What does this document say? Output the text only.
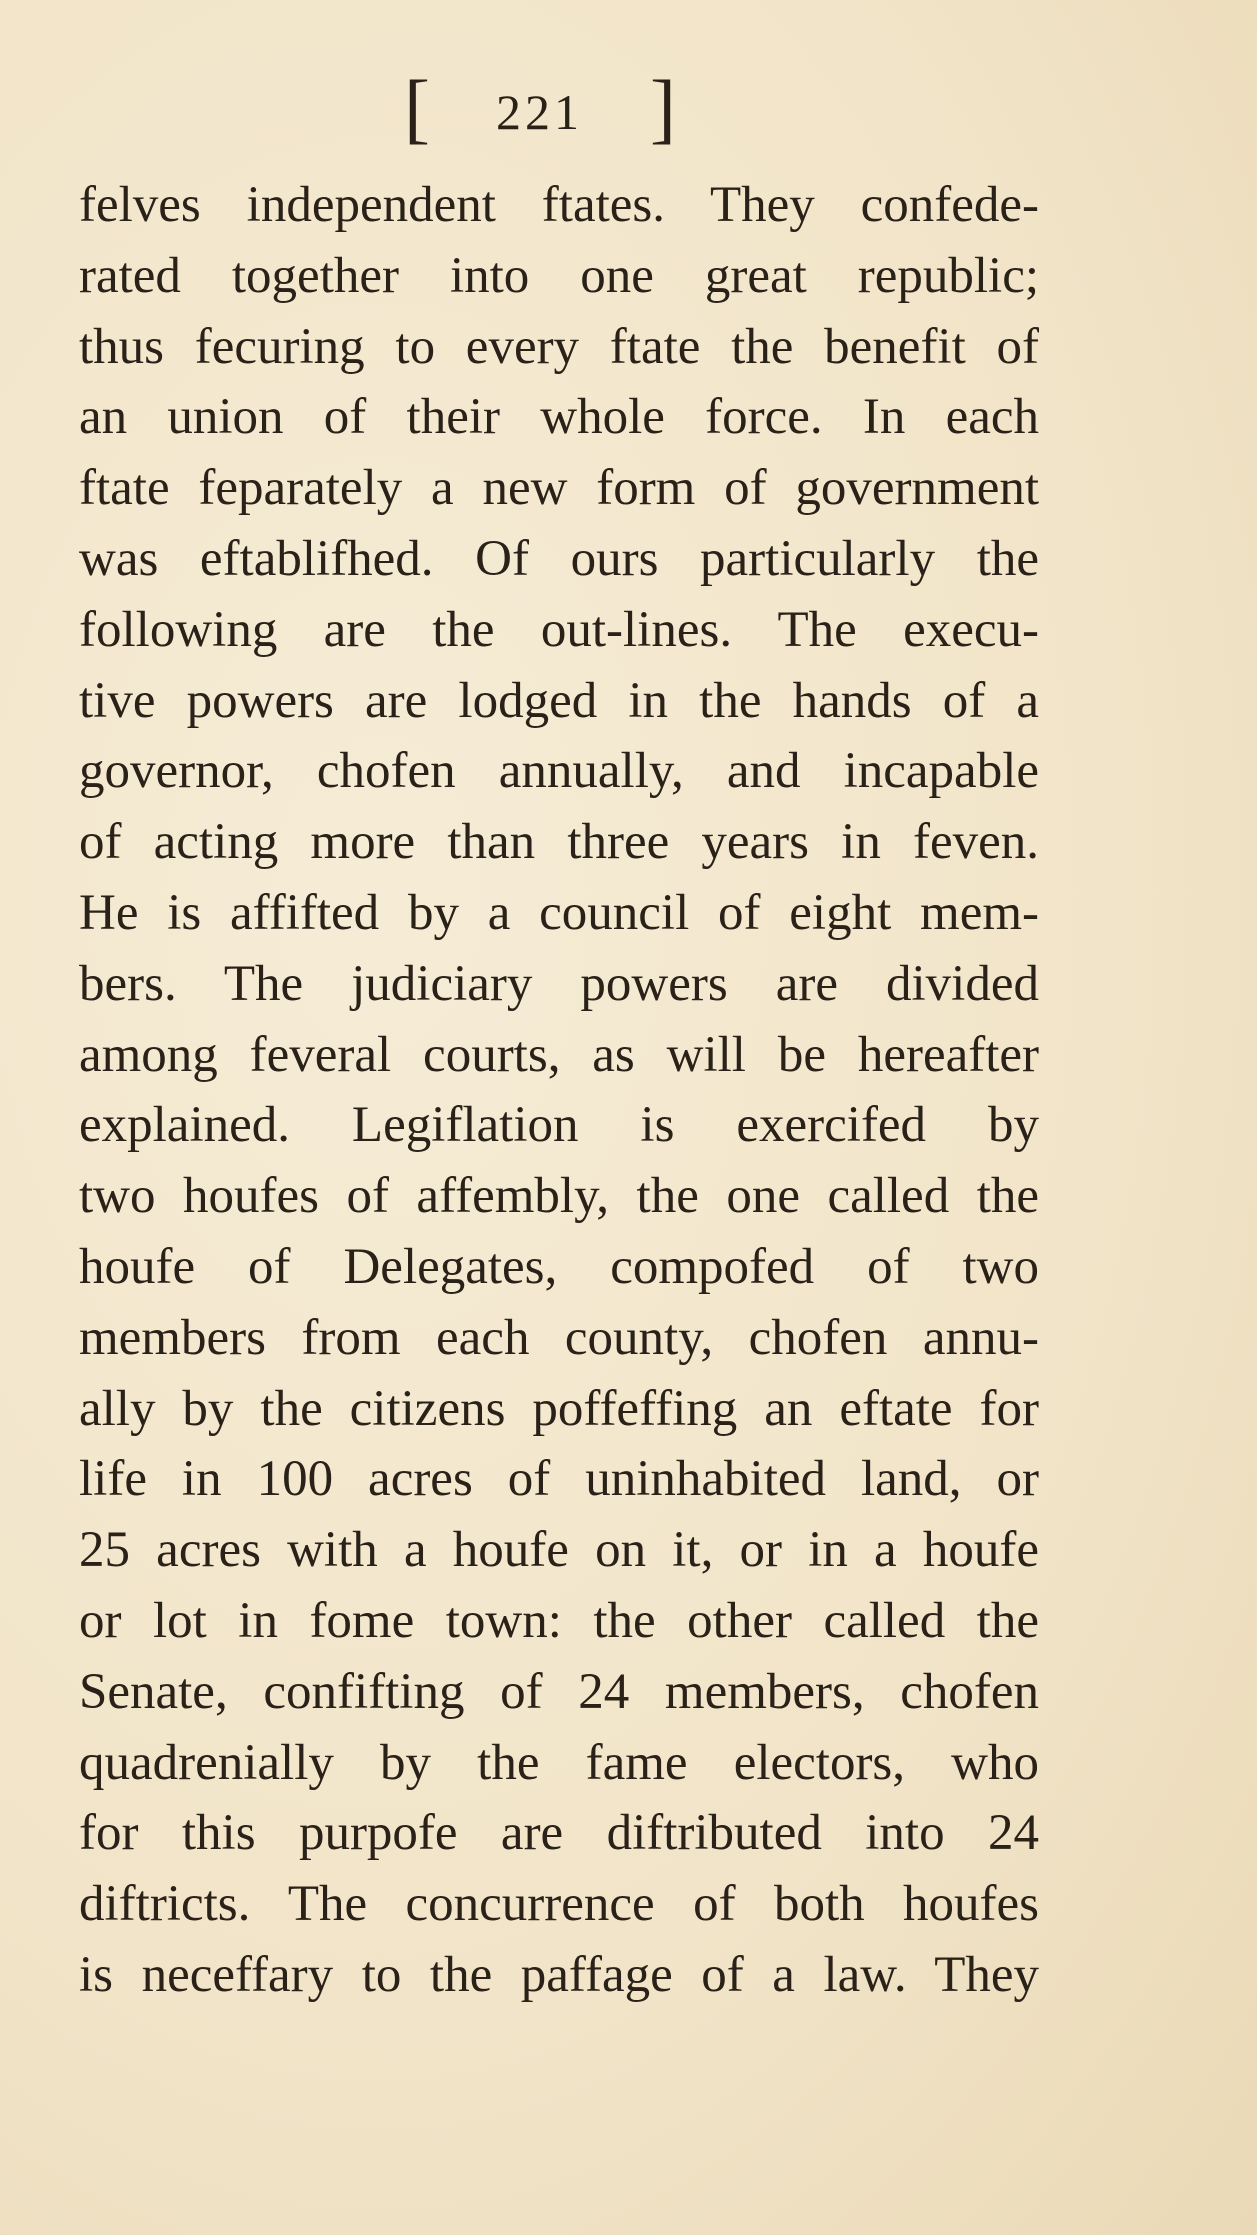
[ 221 ]
felves independent ftates. They confede-
rated together into one great republic;
thus fecuring to every ftate the benefit of
an union of their whole force. In each
ftate feparately a new form of government
was eftablifhed. Of ours particularly the
following are the out-lines. The execu-
tive powers are lodged in the hands of a
governor, chofen annually, and incapable
of acting more than three years in feven.
He is affifted by a council of eight mem-
bers. The judiciary powers are divided
among feveral courts, as will be hereafter
explained. Legiflation is exercifed by
two houfes of affembly, the one called the
houfe of Delegates, compofed of two
members from each county, chofen annu-
ally by the citizens poffeffing an eftate for
life in 100 acres of uninhabited land, or
25 acres with a houfe on it, or in a houfe
or lot in fome town: the other called the
Senate, confifting of 24 members, chofen
quadrenially by the fame electors, who
for this purpofe are diftributed into 24
diftricts. The concurrence of both houfes
is neceffary to the paffage of a law. They
